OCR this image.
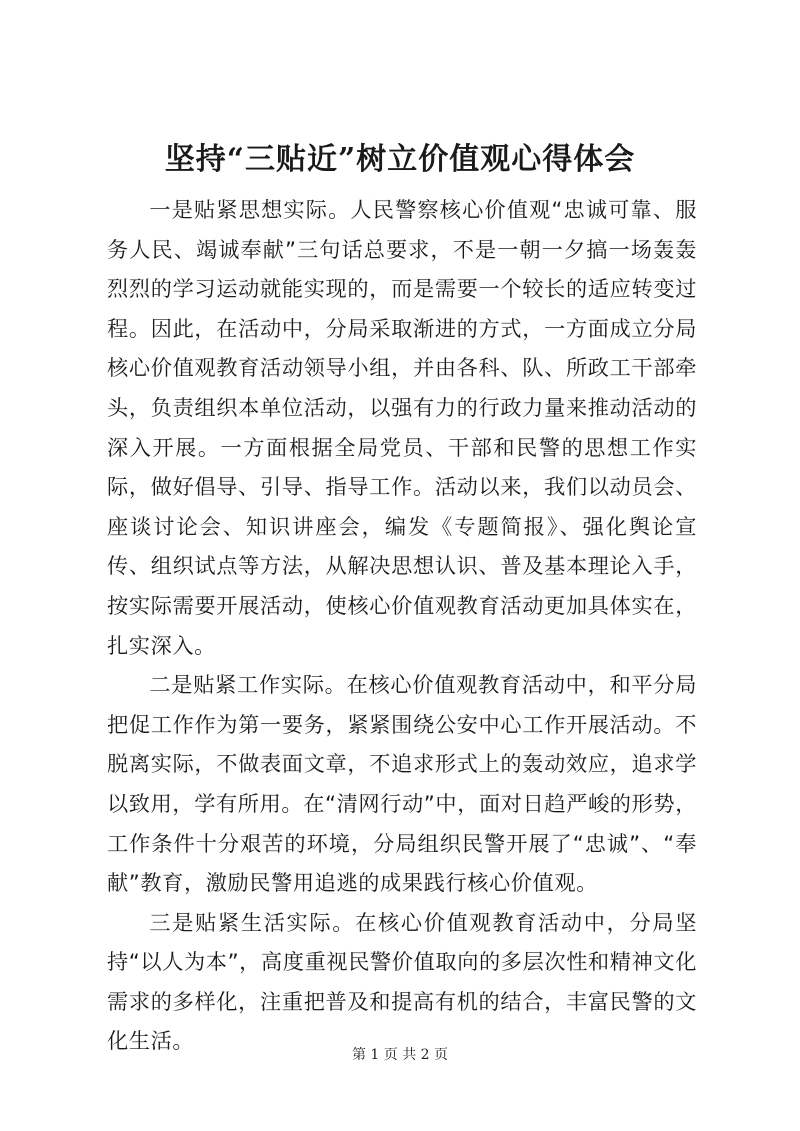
坚持“三贴近”树立价值观心得体会

一是贴紧思想实际。人民警察核心价值观“忠诚可靠、服务人民、竭诚奉献”三句话总要求，不是一朝一夕搞一场轰轰烈烈的学习运动就能实现的，而是需要一个较长的适应转变过程。因此，在活动中，分局采取渐进的方式，一方面成立分局核心价值观教育活动领导小组，并由各科、队、所政工干部牵头，负责组织本单位活动，以强有力的行政力量来推动活动的深入开展。一方面根据全局党员、干部和民警的思想工作实际，做好倡导、引导、指导工作。活动以来，我们以动员会、座谈讨论会、知识讲座会，编发《专题简报》、强化舆论宣传、组织试点等方法，从解决思想认识、普及基本理论入手，按实际需要开展活动，使核心价值观教育活动更加具体实在，扎实深入。

二是贴紧工作实际。在核心价值观教育活动中，和平分局把促工作作为第一要务，紧紧围绕公安中心工作开展活动。不脱离实际，不做表面文章，不追求形式上的轰动效应，追求学以致用，学有所用。在“清网行动”中，面对日趋严峻的形势，工作条件十分艰苦的环境，分局组织民警开展了“忠诚”、“奉献”教育，激励民警用追逃的成果践行核心价值观。

三是贴紧生活实际。在核心价值观教育活动中，分局坚持“以人为本”，高度重视民警价值取向的多层次性和精神文化需求的多样化，注重把普及和提高有机的结合，丰富民警的文化生活。

第 1 页 共 2 页
